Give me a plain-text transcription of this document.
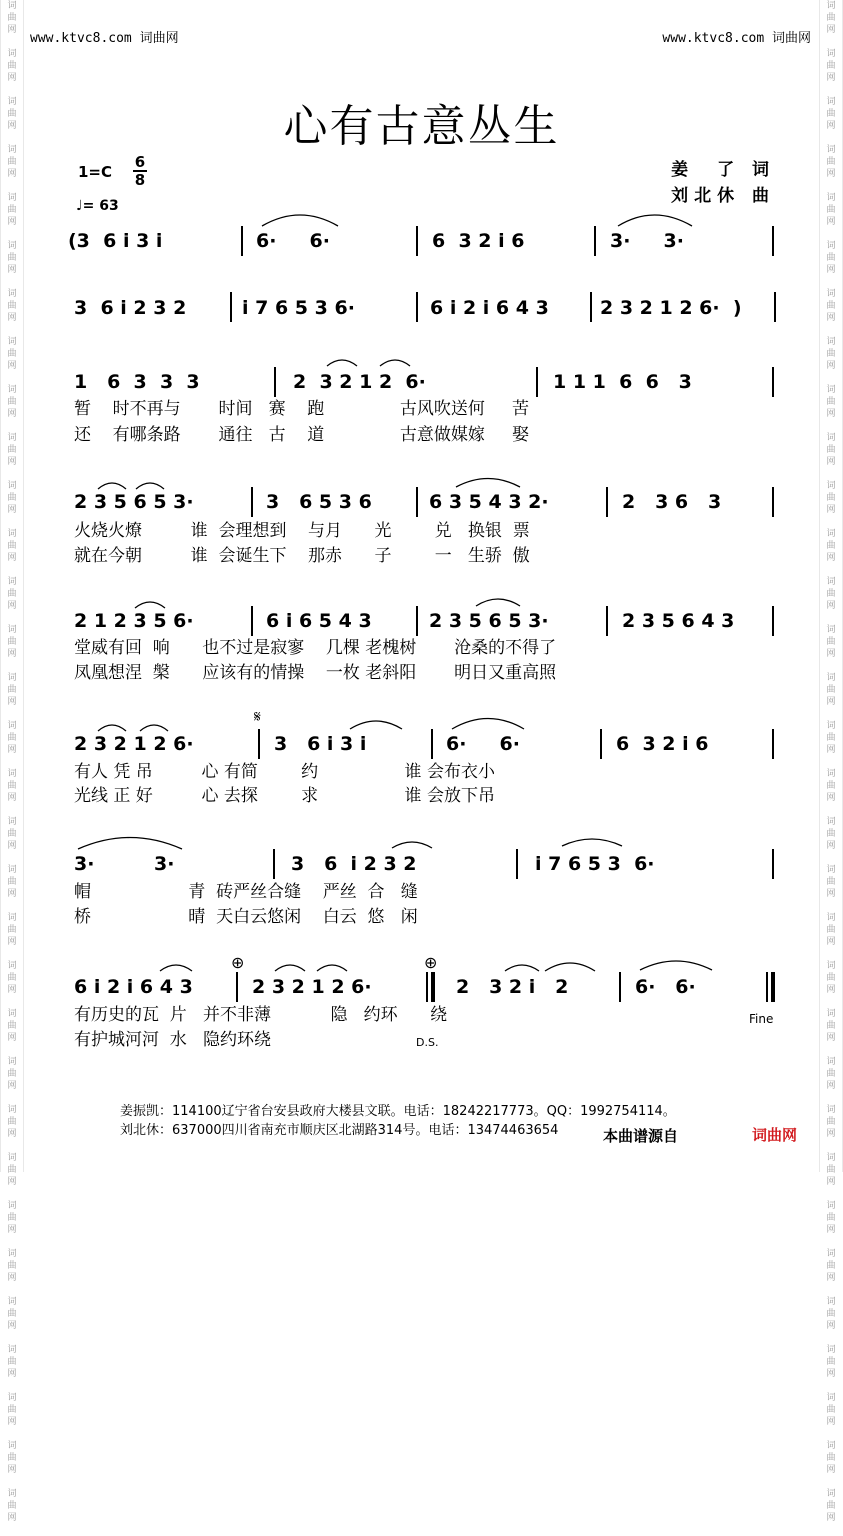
词
曲
网

词
曲
网

词
曲
网

词
曲
网

词
曲
网

词
曲
网

词
曲
网

词
曲
网

词
曲
网

词
曲
网

词
曲
网

词
曲
网

词
曲
网

词
曲
网

词
曲
网

词
曲
网

词
曲
网

词
曲
网

词
曲
网

词
曲
网

词
曲
网

词
曲
网

词
曲
网

词
曲
网

词
曲
网

词
曲
网

词
曲
网

词
曲
网

词
曲
网

词
曲
网

词
曲
网

词
曲
网

词
曲
网

词
曲
网

词
曲
网

词
曲
网

词
曲
网

词
曲
网

词
曲
网

词
曲
网

词
曲
网

词
曲
网

词
曲
网

词
曲
网

词
曲
网

词
曲
网

词
曲
网

词
曲
网

词
曲
网

词
曲
网

词
曲
网

词
曲
网

词
曲
网

词
曲
网

词
曲
网

词
曲
网

词
曲
网

词
曲
网

词
曲
网

词
曲
网

词
曲
网

词
曲
网

词
曲
网

词
曲
网

www.ktvc8.com 词曲网	www.ktvc8.com 词曲网
心有古意丛生
1=C
6
8
♩= 63
姜　了 词
刘北休 曲
(3  6 i 3 i	6·     6·	6  3 2 i 6	3·     3·
3  6 i 2 3 2	i 7 6 5 3 6·	6 i 2 i 6 4 3	2 3 2 1 2 6·  )
1   6  3  3  3	2  3 2 1 2  6·	1 1 1  6  6   3
暂    时不再与       时间   赛    跑              古风吹送何     苦
还    有哪条路       通往   古    道              古意做媒嫁     娶
2 3 5 6 5 3·	3   6 5 3 6	6 3 5 4 3 2·	2   3 6   3
火烧火燎         谁  会理想到    与月      光        兑   换银  票
就在今朝         谁  会诞生下    那赤      子        一   生骄  傲
2 1 2 3 5 6·	6 i 6 5 4 3	2 3 5 6 5 3·	2 3 5 6 4 3
堂威有回  响      也不过是寂寥    几棵 老槐树       沧桑的不得了
凤凰想涅  槃      应该有的情操    一枚 老斜阳       明日又重高照
𝄋
2 3 2 1 2 6·	3   6 i 3 i	6·     6·	6  3 2 i 6
有人 凭 吊         心 有简        约                谁 会布衣小
光线 正 好         心 去探        求                谁 会放下吊
3·         3·	3   6  i 2 3 2	i 7 6 5 3  6·
帽                  青  砖严丝合缝    严丝  合   缝
桥                  晴  天白云悠闲    白云  悠   闲
⊕	⊕
6 i 2 i 6 4 3	2 3 2 1 2 6·	2   3 2 i   2	6·   6·
有历史的瓦  片   并不非薄           隐   约环      绕
有护城河河  水   隐约环绕
Fine
D.S.
姜振凯：114100辽宁省台安县政府大楼县文联。电话：18242217773。QQ：1992754114。
刘北休：637000四川省南充市顺庆区北湖路314号。电话：13474463654	本曲谱源自	词曲网
